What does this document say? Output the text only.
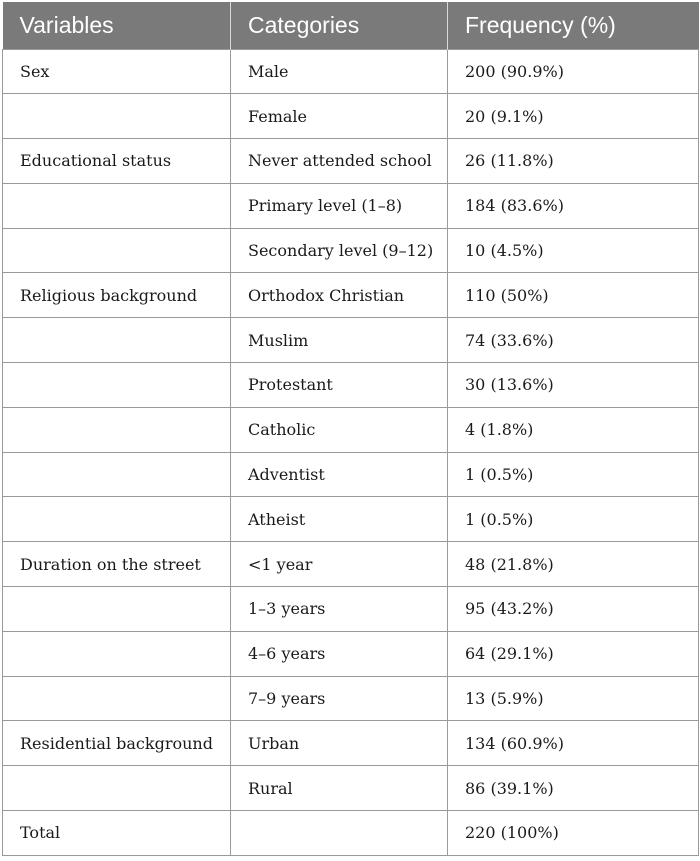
Variables	Categories	Frequency (%)
Sex	Male	200 (90.9%)
	Female	20 (9.1%)
Educational status	Never attended school	26 (11.8%)
	Primary level (1–8)	184 (83.6%)
	Secondary level (9–12)	10 (4.5%)
Religious background	Orthodox Christian	110 (50%)
	Muslim	74 (33.6%)
	Protestant	30 (13.6%)
	Catholic	4 (1.8%)
	Adventist	1 (0.5%)
	Atheist	1 (0.5%)
Duration on the street	<1 year	48 (21.8%)
	1–3 years	95 (43.2%)
	4–6 years	64 (29.1%)
	7–9 years	13 (5.9%)
Residential background	Urban	134 (60.9%)
	Rural	86 (39.1%)
Total		220 (100%)
